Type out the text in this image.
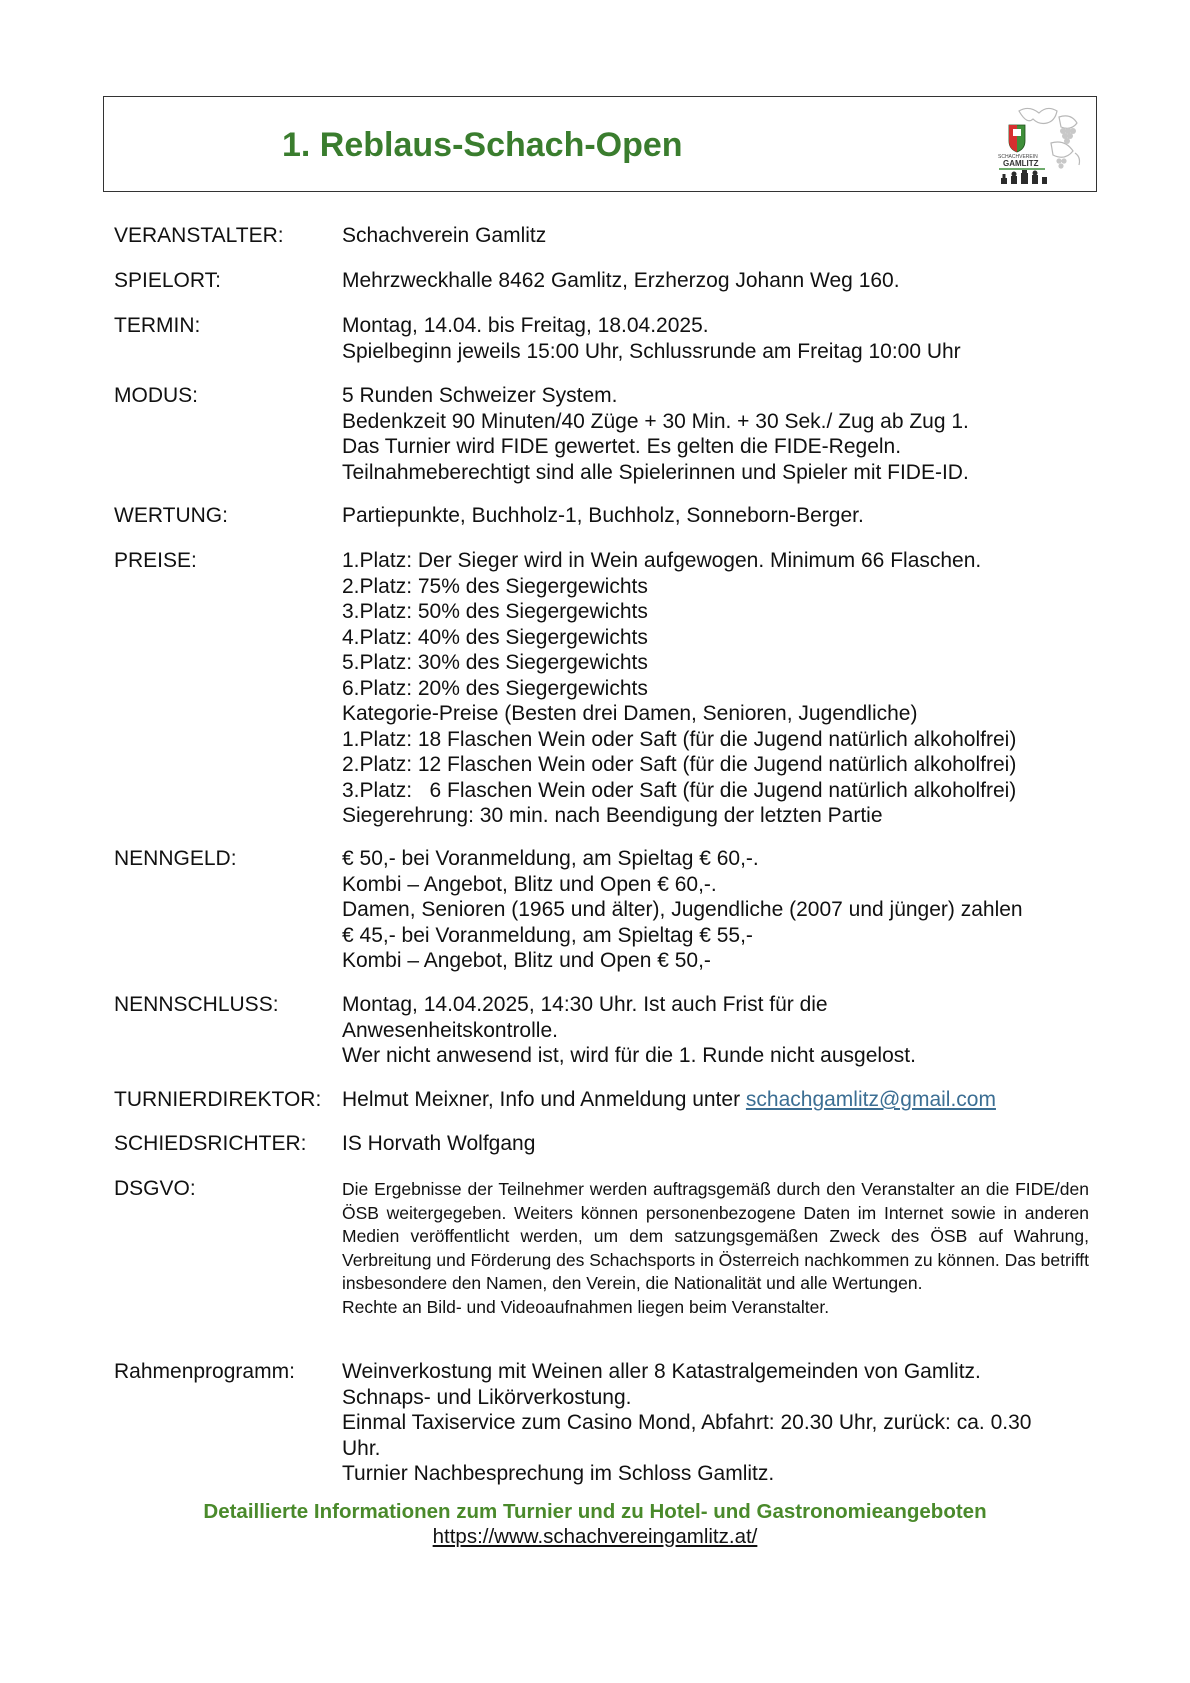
1. Reblaus-Schach-Open	SCHACHVEREIN
GAMLITZ
VERANSTALTER:	Schachverein Gamlitz
SPIELORT:	Mehrzweckhalle 8462 Gamlitz, Erzherzog Johann Weg 160.
TERMIN:	Montag, 14.04. bis Freitag, 18.04.2025.
Spielbeginn jeweils 15:00 Uhr, Schlussrunde am Freitag 10:00 Uhr
MODUS:	5 Runden Schweizer System.
Bedenkzeit 90 Minuten/40 Züge + 30 Min. + 30 Sek./ Zug ab Zug 1.
Das Turnier wird FIDE gewertet. Es gelten die FIDE-Regeln.
Teilnahmeberechtigt sind alle Spielerinnen und Spieler mit FIDE-ID.
WERTUNG:	Partiepunkte, Buchholz-1, Buchholz, Sonneborn-Berger.
PREISE:	1.Platz: Der Sieger wird in Wein aufgewogen. Minimum 66 Flaschen.
2.Platz: 75% des Siegergewichts
3.Platz: 50% des Siegergewichts
4.Platz: 40% des Siegergewichts
5.Platz: 30% des Siegergewichts
6.Platz: 20% des Siegergewichts
Kategorie-Preise (Besten drei Damen, Senioren, Jugendliche)
1.Platz: 18 Flaschen Wein oder Saft (für die Jugend natürlich alkoholfrei)
2.Platz: 12 Flaschen Wein oder Saft (für die Jugend natürlich alkoholfrei)
3.Platz:   6 Flaschen Wein oder Saft (für die Jugend natürlich alkoholfrei)
Siegerehrung: 30 min. nach Beendigung der letzten Partie
NENNGELD:	€ 50,- bei Voranmeldung, am Spieltag € 60,-.
Kombi – Angebot, Blitz und Open € 60,-.
Damen, Senioren (1965 und älter), Jugendliche (2007 und jünger) zahlen
€ 45,- bei Voranmeldung, am Spieltag € 55,-
Kombi – Angebot, Blitz und Open € 50,-
NENNSCHLUSS:	Montag, 14.04.2025, 14:30 Uhr. Ist auch Frist für die
Anwesenheitskontrolle.
Wer nicht anwesend ist, wird für die 1. Runde nicht ausgelost.
TURNIERDIREKTOR: Helmut Meixner, Info und Anmeldung unter schachgamlitz@gmail.com
SCHIEDSRICHTER:	IS Horvath Wolfgang
DSGVO:	Die Ergebnisse der Teilnehmer werden auftragsgemäß durch den Veranstalter an die FIDE/den ÖSB weitergegeben. Weiters können personenbezogene Daten im Internet sowie in anderen Medien veröffentlicht werden, um dem satzungsgemäßen Zweck des ÖSB auf Wahrung, Verbreitung und Förderung des Schachsports in Österreich nachkommen zu können. Das betrifft insbesondere den Namen, den Verein, die Nationalität und alle Wertungen.
Rechte an Bild- und Videoaufnahmen liegen beim Veranstalter.
Rahmenprogramm:	Weinverkostung mit Weinen aller 8 Katastralgemeinden von Gamlitz.
Schnaps- und Likörverkostung.
Einmal Taxiservice zum Casino Mond, Abfahrt: 20.30 Uhr, zurück: ca. 0.30
Uhr.
Turnier Nachbesprechung im Schloss Gamlitz.
Detaillierte Informationen zum Turnier und zu Hotel- und Gastronomieangeboten
https://www.schachvereingamlitz.at/
